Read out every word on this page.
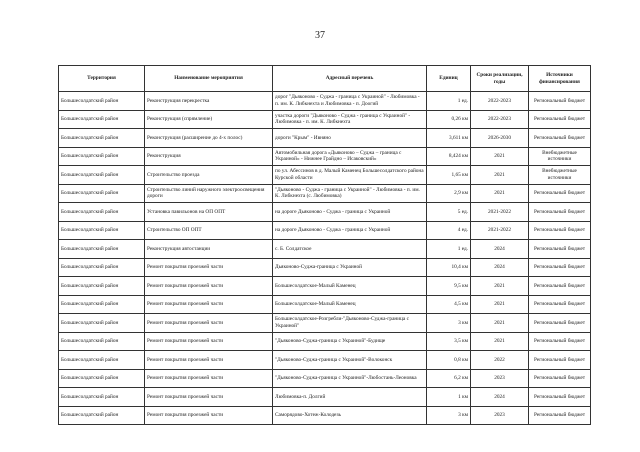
37
Территория	Наименование мероприятия	Адресный перечень	Единиц	Сроки реализации, годы	Источники финансирования
Большесолдатский район	Реконструкция перекрестка	дорог "Дьяконово - Суджа - граница с Украиной" - Любимовка - п. им. К. Либкнехта и Любимовка - п. Доогий	1 ед.	2022-2023	Региональный бюджет
Большесолдатский район	Реконструкция (спрямление)	участка дороги "Дьяконово - Суджа - граница с Украиной" - Любимовка - п. им. К. Либкнехта	0,26 км	2022-2023	Региональный бюджет
Большесолдатский район	Реконструкция (расширение до 4-х полос)	дороги "Крым" - Ивняно	3,611 км	2026-2030	Региональный бюджет
Большесолдатский район	Реконструкция	Автомобильная дорога «Дьяконово – Суджа – граница с Украиной» - Нижнее Грайдно – Исаковский»	8,424 км	2021	Внебюджетные источники
Большесолдатский район	Строительство проезда	по ул. Абессинов в д. Малый Каменец Большесолдатского района Курской области	1,65 км	2021	Внебюджетные источники
Большесолдатский район	Строительство линий наружного электроосвещения дороги	"Дьяконово - Суджа - граница с Украиной" - Любимовка - п. им. К. Либкнехта (с. Любимовка)	2,9 км	2021	Региональный бюджет
Большесолдатский район	Установка павильонов на ОП ОПТ	на дороге Дьяконово - Суджа - граница с Украиной	5 ед.	2021-2022	Региональный бюджет
Большесолдатский район	Строительство ОП ОПТ	на дороге Дьяконово - Суджа - граница с Украиной	4 ед.	2021-2022	Региональный бюджет
Большесолдатский район	Реконструкция автостанции	с. Б. Солдатское	1 ед.	2024	Региональный бюджет
Большесолдатский район	Ремонт покрытия проезжей части	Дьяконово-Суджа-граница с Украиной	10,4 км	2024	Региональный бюджет
Большесолдатский район	Ремонт покрытия проезжей части	Большесолдатское-Малый Каменец	9,5 км	2021	Региональный бюджет
Большесолдатский район	Ремонт покрытия проезжей части	Большесолдатское-Малый Каменец	4,5 км	2021	Региональный бюджет
Большесолдатский район	Ремонт покрытия проезжей части	Большесолдатское-Розгребли-"Дьяконово-Суджа-граница с Украиной"	3 км	2021	Региональный бюджет
Большесолдатский район	Ремонт покрытия проезжей части	"Дьяконово-Суджа-граница с Украиной"-Будище	3,5 км	2021	Региональный бюджет
Большесолдатский район	Ремонт покрытия проезжей части	"Дьяконово-Суджа-граница с Украиной"-Волоконск	0,8 км	2022	Региональный бюджет
Большесолдатский район	Ремонт покрытия проезжей части	"Дьяконово-Суджа-граница с Украиной"-Любостань-Леоновка	6,2 км	2023	Региональный бюджет
Большесолдатский район	Ремонт покрытия проезжей части	Любимовка-п. Долгий	1 км	2024	Региональный бюджет
Большесолдатский район	Ремонт покрытия проезжей части	Саморядово-Хотеж-Колодезь	3 км	2023	Региональный бюджет
